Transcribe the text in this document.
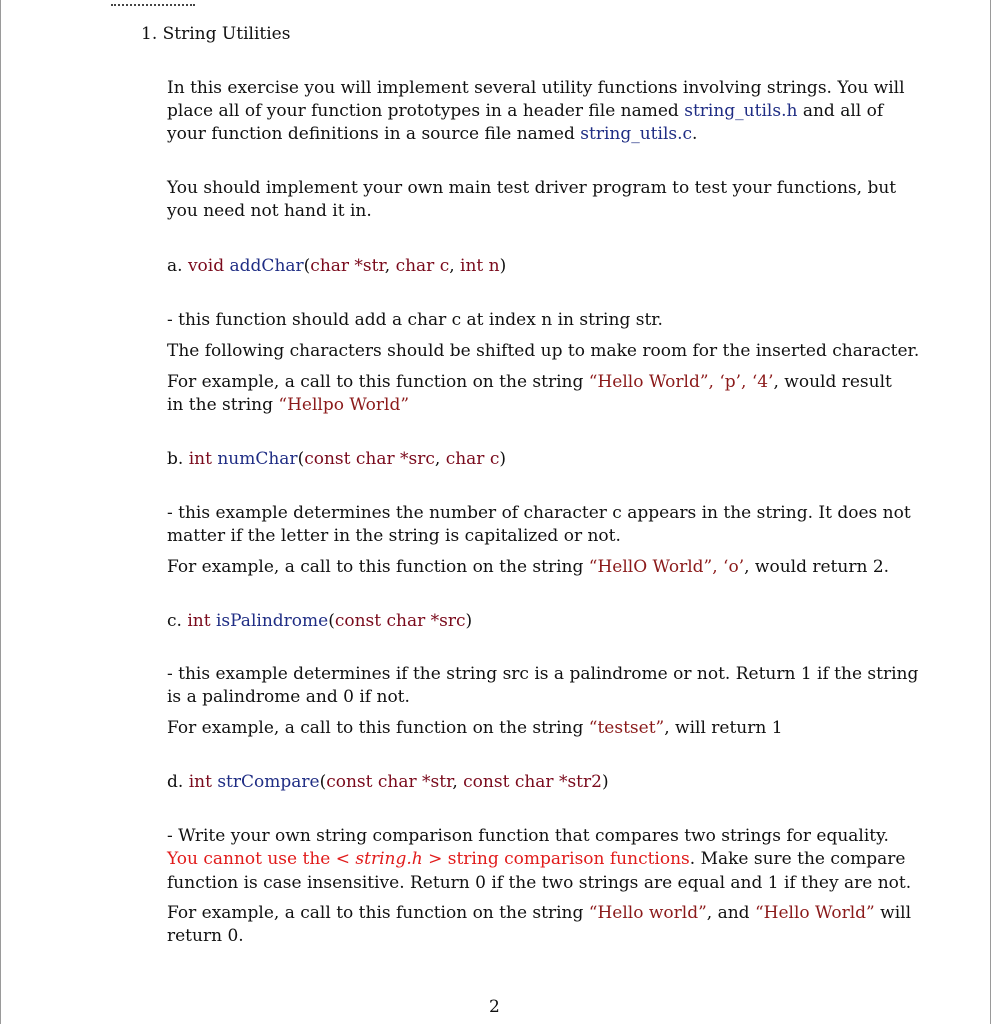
1. String Utilities
In this exercise you will implement several utility functions involving strings. You will
place all of your function prototypes in a header file named string_utils.h and all of
your function definitions in a source file named string_utils.c.
You should implement your own main test driver program to test your functions, but
you need not hand it in.
a. void addChar(char *str, char c, int n)
- this function should add a char c at index n in string str.
The following characters should be shifted up to make room for the inserted character.
For example, a call to this function on the string “Hello World”, ‘p’, ‘4’, would result
in the string “Hellpo World”
b. int numChar(const char *src, char c)
- this example determines the number of character c appears in the string. It does not
matter if the letter in the string is capitalized or not.
For example, a call to this function on the string “HellO World”, ‘o’, would return 2.
c. int isPalindrome(const char *src)
- this example determines if the string src is a palindrome or not. Return 1 if the string
is a palindrome and 0 if not.
For example, a call to this function on the string “testset”, will return 1
d. int strCompare(const char *str, const char *str2)
- Write your own string comparison function that compares two strings for equality.
You cannot use the < string.h > string comparison functions. Make sure the compare
function is case insensitive. Return 0 if the two strings are equal and 1 if they are not.
For example, a call to this function on the string “Hello world”, and “Hello World” will
return 0.
2
